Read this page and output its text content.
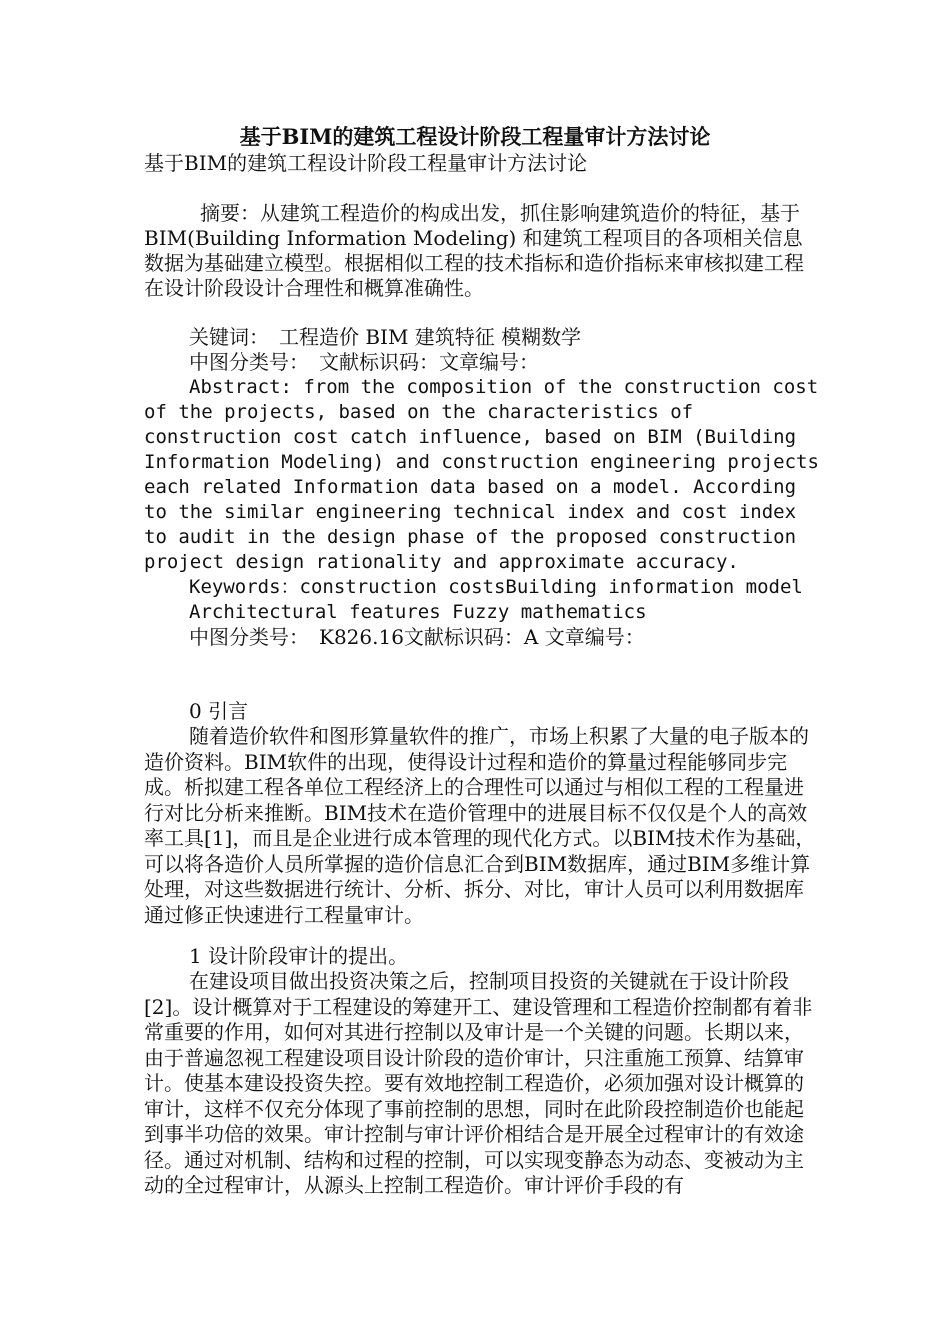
基于BIM的建筑工程设计阶段工程量审计方法讨论

基于BIM的建筑工程设计阶段工程量审计方法讨论

摘要：从建筑工程造价的构成出发，抓住影响建筑造价的特征，基于BIM(Building Information Modeling) 和建筑工程项目的各项相关信息数据为基础建立模型。根据相似工程的技术指标和造价指标来审核拟建工程在设计阶段设计合理性和概算准确性。

关键词：　工程造价 BIM 建筑特征 模糊数学

中图分类号：　文献标识码：文章编号：

Abstract: from the composition of the construction cost of the projects, based on the characteristics of construction cost catch influence, based on BIM (Building Information Modeling) and construction engineering projects each related Information data based on a model. According to the similar engineering technical index and cost index to audit in the design phase of the proposed construction project design rationality and approximate accuracy.

Keywords：construction costsBuilding information model

Architectural features Fuzzy mathematics

中图分类号：　K826.16文献标识码：A 文章编号：

0 引言

随着造价软件和图形算量软件的推广，市场上积累了大量的电子版本的造价资料。BIM软件的出现，使得设计过程和造价的算量过程能够同步完成。析拟建工程各单位工程经济上的合理性可以通过与相似工程的工程量进行对比分析来推断。BIM技术在造价管理中的进展目标不仅仅是个人的高效率工具[1]，而且是企业进行成本管理的现代化方式。以BIM技术作为基础，可以将各造价人员所掌握的造价信息汇合到BIM数据库，通过BIM多维计算处理，对这些数据进行统计、分析、拆分、对比，审计人员可以利用数据库通过修正快速进行工程量审计。

1 设计阶段审计的提出。

在建设项目做出投资决策之后，控制项目投资的关键就在于设计阶段[2]。设计概算对于工程建设的筹建开工、建设管理和工程造价控制都有着非常重要的作用，如何对其进行控制以及审计是一个关键的问题。长期以来，由于普遍忽视工程建设项目设计阶段的造价审计，只注重施工预算、结算审计。使基本建设投资失控。要有效地控制工程造价，必须加强对设计概算的审计，这样不仅充分体现了事前控制的思想，同时在此阶段控制造价也能起到事半功倍的效果。审计控制与审计评价相结合是开展全过程审计的有效途径。通过对机制、结构和过程的控制，可以实现变静态为动态、变被动为主动的全过程审计，从源头上控制工程造价。审计评价手段的有
